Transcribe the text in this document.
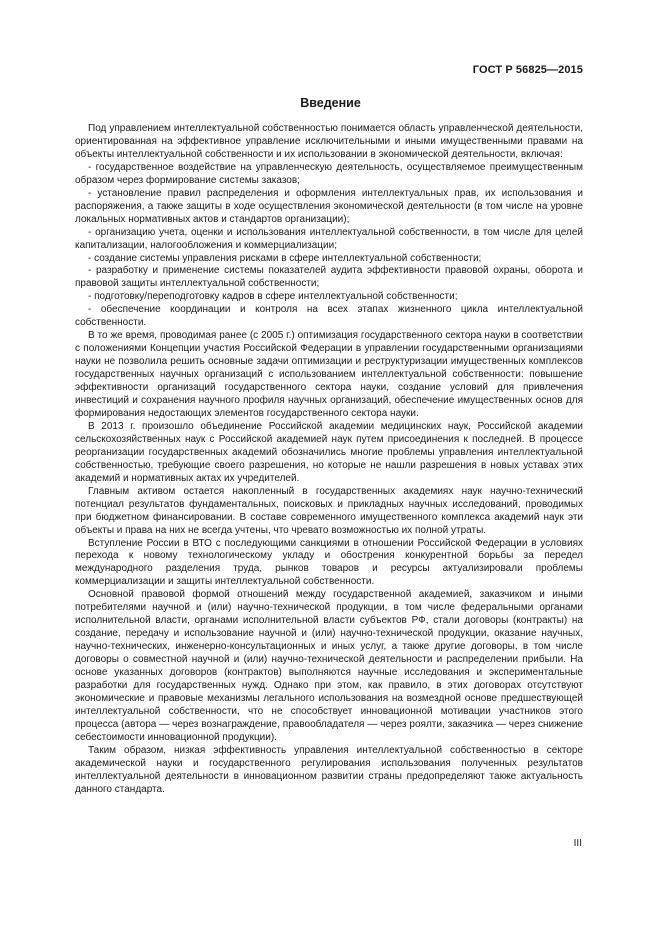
ГОСТ Р 56825—2015
Введение

Под управлением интеллектуальной собственностью понимается область управленческой деятельности, ориентированная на эффективное управление исключительными и иными имущественными правами на объекты интеллектуальной собственности и их использовании в экономической деятельности, включая:

- государственное воздействие на управленческую деятельность, осуществляемое преимущественным образом через формирование системы заказов;

- установление правил распределения и оформления интеллектуальных прав, их использования и распоряжения, а также защиты в ходе осуществления экономической деятельности (в том числе на уровне локальных нормативных актов и стандартов организации);

- организацию учета, оценки и использования интеллектуальной собственности, в том числе для целей капитализации, налогообложения и коммерциализации;

- создание системы управления рисками в сфере интеллектуальной собственности;

- разработку и применение системы показателей аудита эффективности правовой охраны, оборота и правовой защиты интеллектуальной собственности;

- подготовку/переподготовку кадров в сфере интеллектуальной собственности;

- обеспечение координации и контроля на всех этапах жизненного цикла интеллектуальной собственности.

В то же время, проводимая ранее (с 2005 г.) оптимизация государственного сектора науки в соответствии с положениями Концепции участия Российской Федерации в управлении государственными организациями науки не позволила решить основные задачи оптимизации и реструктуризации имущественных комплексов государственных научных организаций с использованием интеллектуальной собственности: повышение эффективности организаций государственного сектора науки, создание условий для привлечения инвестиций и сохранения научного профиля научных организаций, обеспечение имущественных основ для формирования недостающих элементов государственного сектора науки.

В 2013 г. произошло объединение Российской академии медицинских наук, Российской академии сельскохозяйственных наук с Российской академией наук путем присоединения к последней. В процессе реорганизации государственных академий обозначились многие проблемы управления интеллектуальной собственностью, требующие своего разрешения, но которые не нашли разрешения в новых уставах этих академий и нормативных актах их учредителей.

Главным активом остается накопленный в государственных академиях наук научно-технический потенциал результатов фундаментальных, поисковых и прикладных научных исследований, проводимых при бюджетном финансировании. В составе современного имущественного комплекса академий наук эти объекты и права на них не всегда учтены, что чревато возможностью их полной утраты.

Вступление России в ВТО с последующими санкциями в отношении Российской Федерации в условиях перехода к новому технологическому укладу и обострения конкурентной борьбы за передел международного разделения труда, рынков товаров и ресурсы актуализировали проблемы коммерциализации и защиты интеллектуальной собственности.

Основной правовой формой отношений между государственной академией, заказчиком и иными потребителями научной и (или) научно-технической продукции, в том числе федеральными органами исполнительной власти, органами исполнительной власти субъектов РФ, стали договоры (контракты) на создание, передачу и использование научной и (или) научно-технической продукции, оказание научных, научно-технических, инженерно-консультационных и иных услуг, а также другие договоры, в том числе договоры о совместной научной и (или) научно-технической деятельности и распределении прибыли. На основе указанных договоров (контрактов) выполняются научные исследования и экспериментальные разработки для государственных нужд. Однако при этом, как правило, в этих договорах отсутствуют экономические и правовые механизмы легального использования на возмездной основе предшествующей интеллектуальной собственности, что не способствует инновационной мотивации участников этого процесса (автора — через вознаграждение, правообладателя — через роялти, заказчика — через снижение себестоимости инновационной продукции).

Таким образом, низкая эффективность управления интеллектуальной собственностью в секторе академической науки и государственного регулирования использования полученных результатов интеллектуальной деятельности в инновационном развитии страны предопределяют также актуальность данного стандарта.

III
